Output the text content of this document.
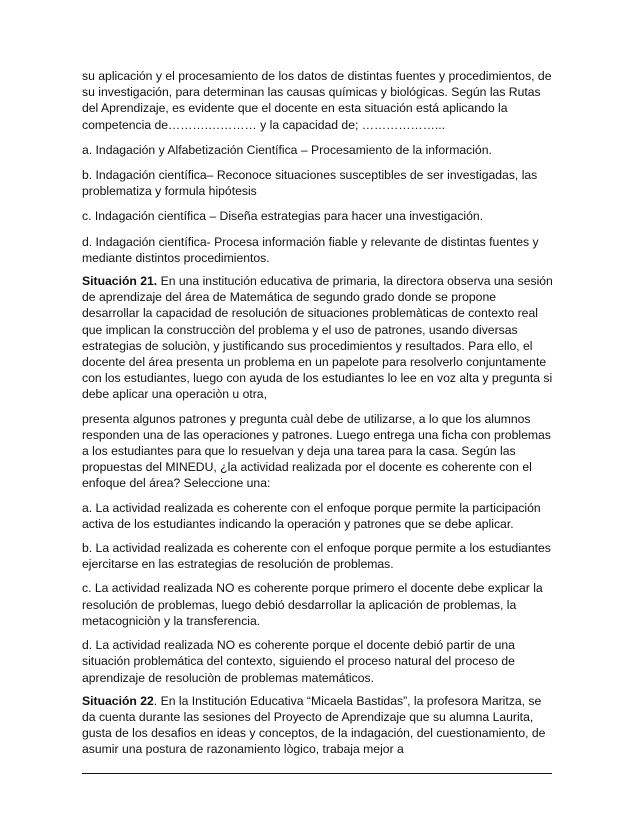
su aplicación y el procesamiento de los datos de distintas fuentes y procedimientos, de su investigación, para determinan las causas químicas y biológicas. Según las Rutas del Aprendizaje, es evidente que el docente en esta situación está aplicando la competencia de……….………… y la capacidad de; ………………...

a. Indagación y Alfabetización Científica – Procesamiento de la información.

b. Indagación científica– Reconoce situaciones susceptibles de ser investigadas, las problematiza y formula hipótesis

c. Indagación científica – Diseña estrategias para hacer una investigación.

d. Indagación científica- Procesa información fiable y relevante de distintas fuentes y mediante distintos procedimientos.

Situación 21. En una institución educativa de primaria, la directora observa una sesión de aprendizaje del área de Matemática de segundo grado donde se propone desarrollar la capacidad de resolución de situaciones problemàticas de contexto real que implican la construcciòn del problema y el uso de patrones, usando diversas estrategias de soluciòn, y justificando sus procedimientos y resultados. Para ello, el docente del área presenta un problema en un papelote para resolverlo conjuntamente con los estudiantes, luego con ayuda de los estudiantes lo lee en voz alta y pregunta si debe aplicar una operaciòn u otra,

presenta algunos patrones y pregunta cuàl debe de utilizarse, a lo que los alumnos responden una de las operaciones y patrones. Luego entrega una ficha con problemas a los estudiantes para que lo resuelvan y deja una tarea para la casa. Según las propuestas del MINEDU, ¿la actividad realizada por el docente es coherente con el enfoque del área? Seleccione una:

a. La actividad realizada es coherente con el enfoque porque permite la participación activa de los estudiantes indicando la operación y patrones que se debe aplicar.

b. La actividad realizada es coherente con el enfoque porque permite a los estudiantes ejercitarse en las estrategias de resolución de problemas.

c. La actividad realizada NO es coherente porque primero el docente debe explicar la resolución de problemas, luego debió desdarrollar la aplicación de problemas, la metacogniciòn y la transferencia.

d. La actividad realizada NO es coherente porque el docente debió partir de una situación problemática del contexto, siguiendo el proceso natural del proceso de aprendizaje de resoluciòn de problemas matemáticos.

Situación 22. En la Institución Educativa “Micaela Bastidas”, la profesora Maritza, se da cuenta durante las sesiones del Proyecto de Aprendizaje que su alumna Laurita, gusta de los desafios en ideas y conceptos, de la indagación, del cuestionamiento, de asumir una postura de razonamiento lògico, trabaja mejor a
